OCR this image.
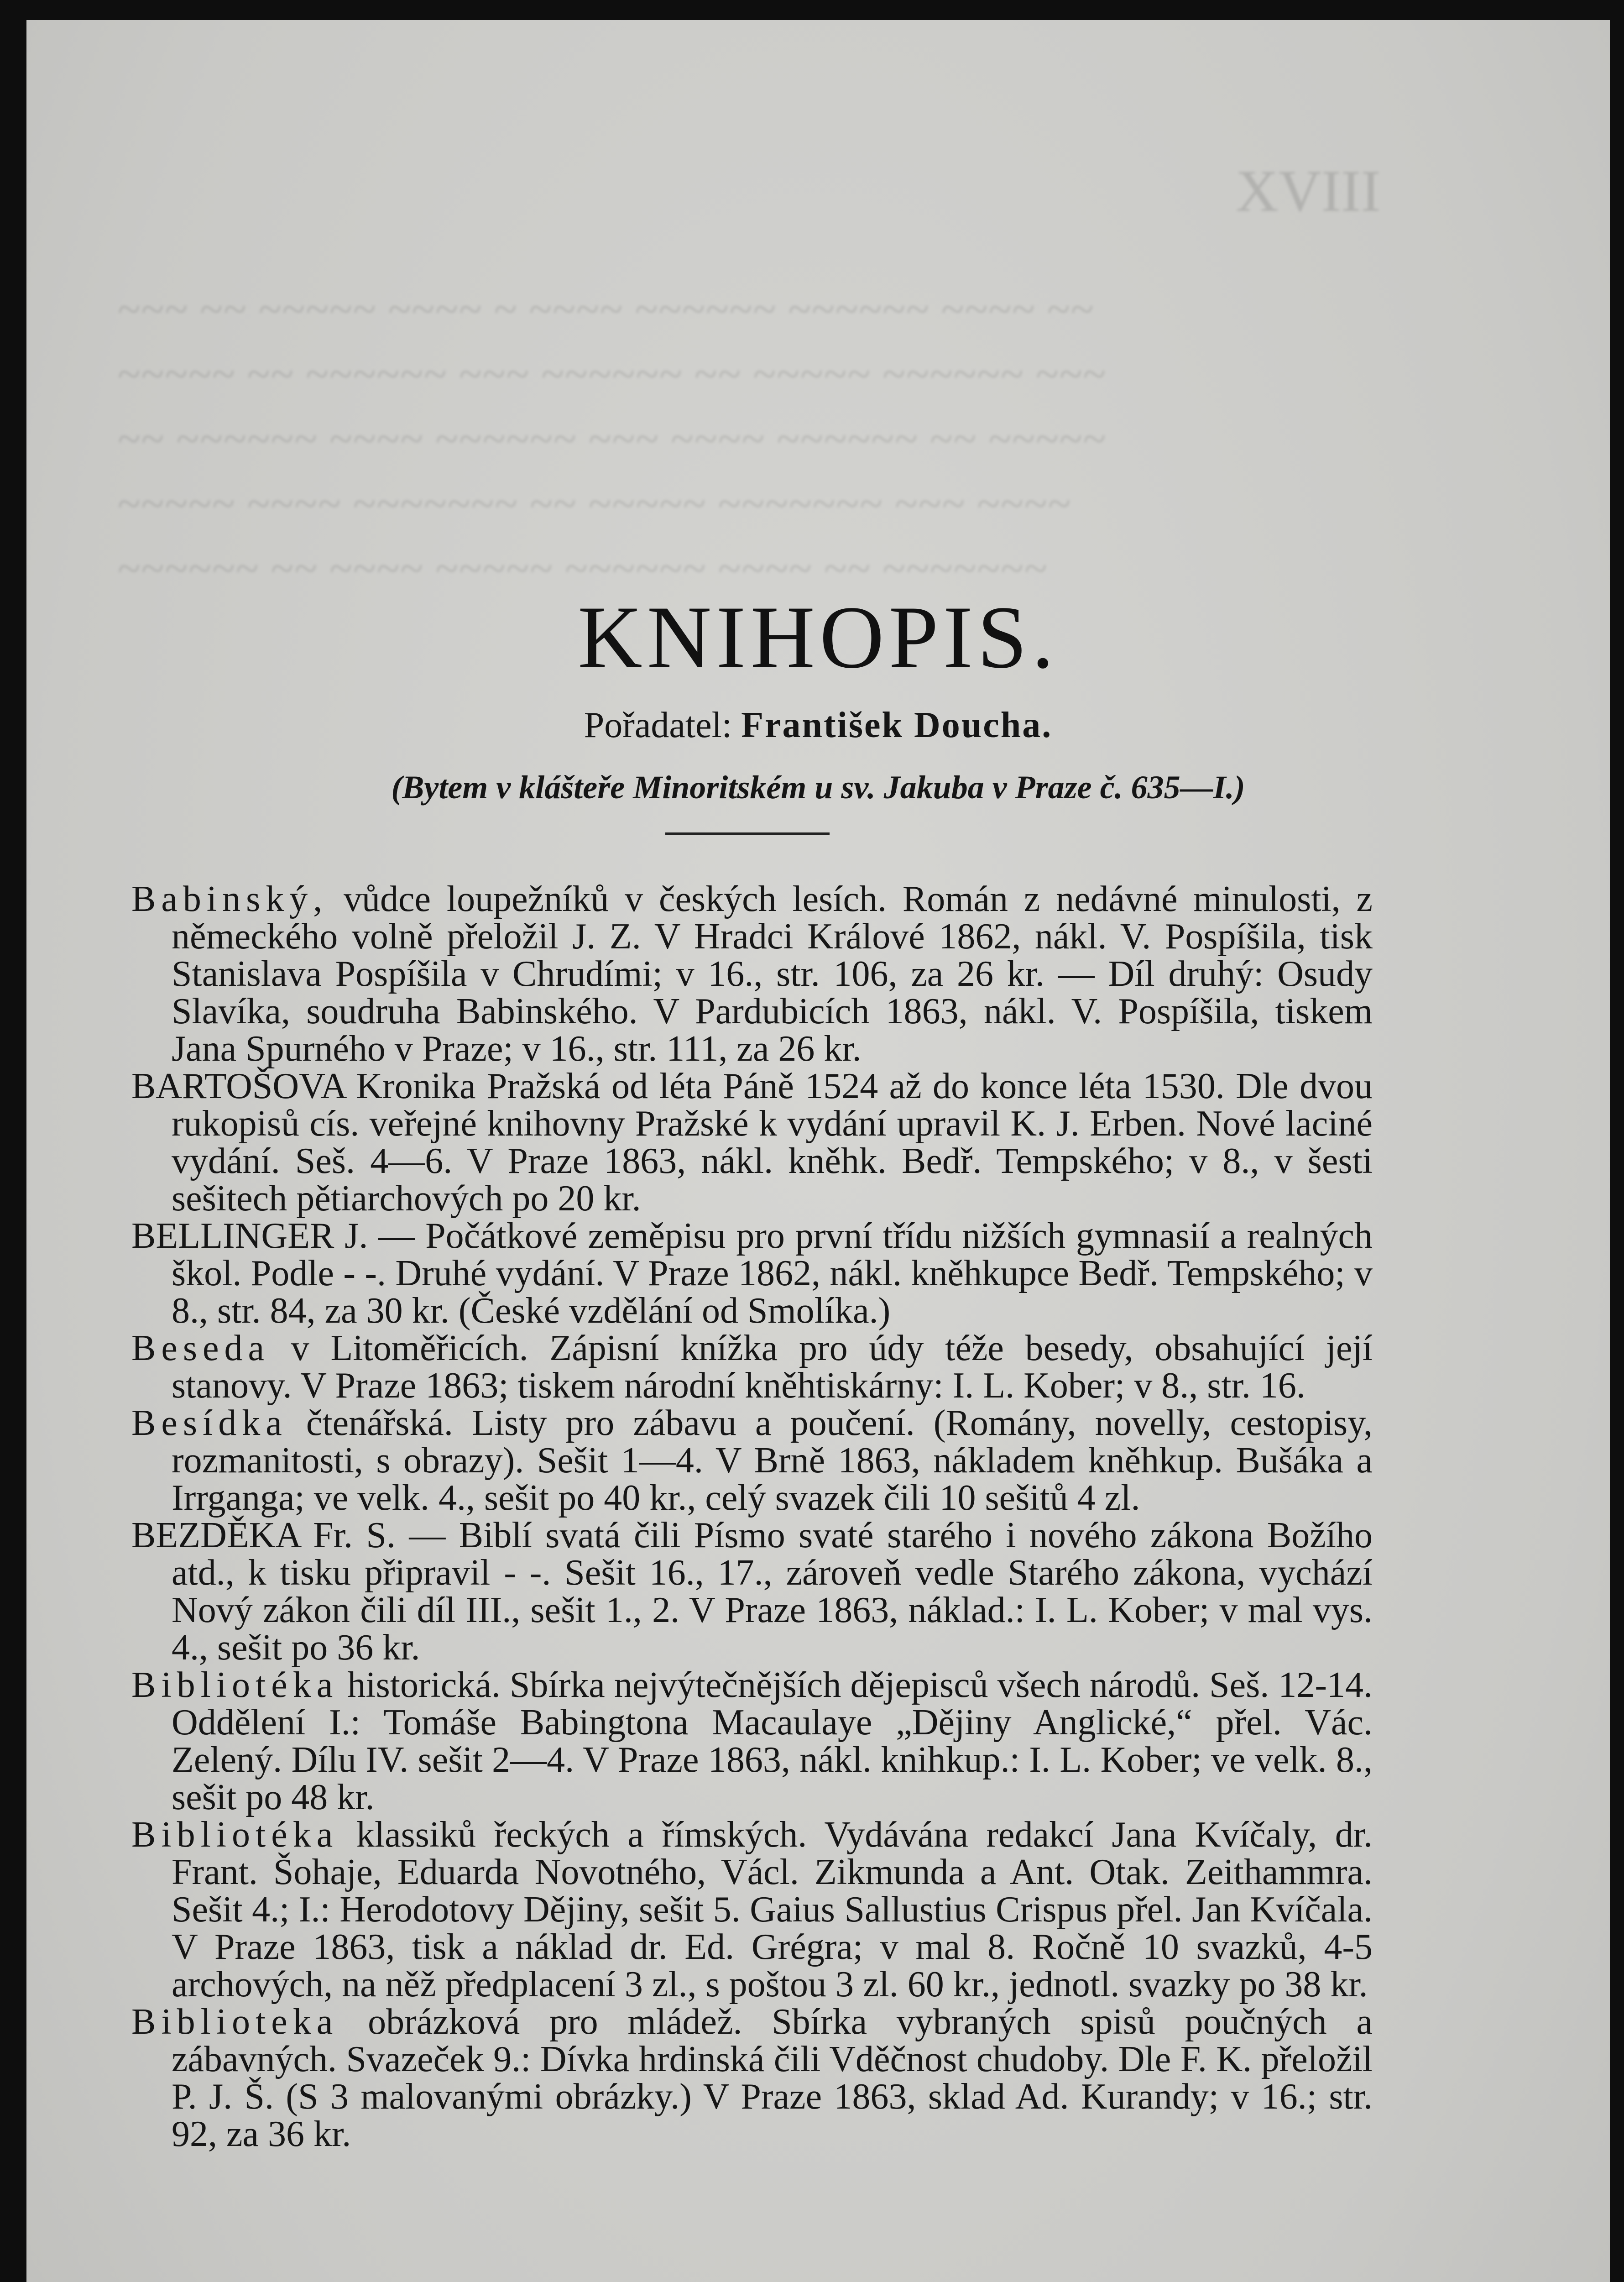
XVIII

~~~ ~~ ~~~~~ ~~~~ ~ ~~~~ ~~~~~~ ~~~~~~ ~~~~ ~~
~~~~~ ~~ ~~~~~~ ~~~ ~~~~~~ ~~ ~~~~~ ~~~~~~ ~~~
~~ ~~~~~~ ~~~~ ~~~~~~ ~~~ ~~~~ ~~~~~~ ~~ ~~~~~
~~~~~ ~~~~ ~~~~~~~ ~~ ~~~~~ ~~~~~~~ ~~~ ~~~~
~~~~~~ ~~ ~~~~ ~~~~~ ~~~~~~ ~~~~ ~~ ~~~~~~~

KNIHOPIS.
Pořadatel: František Doucha.
(Bytem v klášteře Minoritském u sv. Jakuba v Praze č. 635—I.)

Babinský, vůdce loupežníků v českých lesích. Román z nedávné minulosti, z německého volně přeložil J. Z. V Hradci Králové 1862, nákl. V. Pospíšila, tisk Stanislava Pospíšila v Chrudími; v 16., str. 106, za 26 kr. — Díl druhý: Osudy Slavíka, soudruha Babinského. V Pardubicích 1863, nákl. V. Pospíšila, tiskem Jana Spurného v Praze; v 16., str. 111, za 26 kr.

BARTOŠOVA Kronika Pražská od léta Páně 1524 až do konce léta 1530. Dle dvou rukopisů cís. veřejné knihovny Pražské k vydání upravil K. J. Erben. Nové laciné vydání. Seš. 4—6. V Praze 1863, nákl. kněhk. Bedř. Tempského; v 8., v šesti sešitech pětiarchových po 20 kr.

BELLINGER J. — Počátkové zeměpisu pro první třídu nižších gymnasií a realných škol. Podle - -. Druhé vydání. V Praze 1862, nákl. kněhkupce Bedř. Tempského; v 8., str. 84, za 30 kr. (České vzdělání od Smolíka.)

Beseda v Litoměřicích. Zápisní knížka pro údy téže besedy, obsahující její stanovy. V Praze 1863; tiskem národní kněhtiskárny: I. L. Kober; v 8., str. 16.

Besídka čtenářská. Listy pro zábavu a poučení. (Romány, novelly, cestopisy, rozmanitosti, s obrazy). Sešit 1—4. V Brně 1863, nákladem kněhkup. Bušáka a Irrganga; ve velk. 4., sešit po 40 kr., celý svazek čili 10 sešitů 4 zl.

BEZDĚKA Fr. S. — Biblí svatá čili Písmo svaté starého i nového zákona Božího atd., k tisku připravil - -. Sešit 16., 17., zároveň vedle Starého zákona, vychází Nový zákon čili díl III., sešit 1., 2. V Praze 1863, náklad.: I. L. Kober; v mal vys. 4., sešit po 36 kr.

Bibliotéka historická. Sbírka nejvýtečnějších dějepisců všech národů. Seš. 12-14. Oddělení I.: Tomáše Babingtona Macaulaye „Dějiny Anglické,“ přel. Vác. Zelený. Dílu IV. sešit 2—4. V Praze 1863, nákl. knihkup.: I. L. Kober; ve velk. 8., sešit po 48 kr.

Bibliotéka klassiků řeckých a římských. Vydávána redakcí Jana Kvíčaly, dr. Frant. Šohaje, Eduarda Novotného, Václ. Zikmunda a Ant. Otak. Zeithammra. Sešit 4.; I.: Herodotovy Dějiny, sešit 5. Gaius Sallustius Crispus přel. Jan Kvíčala. V Praze 1863, tisk a náklad dr. Ed. Grégra; v mal 8. Ročně 10 svazků, 4-5 archových, na něž předplacení 3 zl., s poštou 3 zl. 60 kr., jednotl. svazky po 38 kr.

Biblioteka obrázková pro mládež. Sbírka vybraných spisů poučných a zábavných. Svazeček 9.: Dívka hrdinská čili Vděčnost chudoby. Dle F. K. přeložil P. J. Š. (S 3 malovanými obrázky.) V Praze 1863, sklad Ad. Kurandy; v 16.; str. 92, za 36 kr.
